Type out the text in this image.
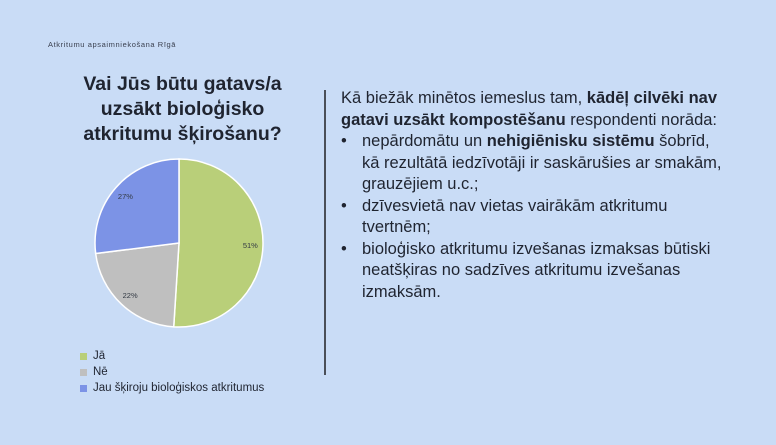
Atkritumu apsaimniekošana Rīgā
Vai Jūs būtu gatavs/a uzsākt bioloģisko atkritumu šķirošanu?
51%
22%
27%
Jā
Nē
Jau šķiroju bioloģiskos atkritumus
Kā biežāk minētos iemeslus tam, kādēļ cilvēki nav gatavi uzsākt kompostēšanu respondenti norāda:
• nepārdomātu un nehigiēnisku sistēmu šobrīd, kā rezultātā iedzīvotāji ir saskārušies ar smakām, grauzējiem u.c.;
• dzīvesvietā nav vietas vairākām atkritumu tvertnēm;
• bioloģisko atkritumu izvešanas izmaksas būtiski neatšķiras no sadzīves atkritumu izvešanas izmaksām.
